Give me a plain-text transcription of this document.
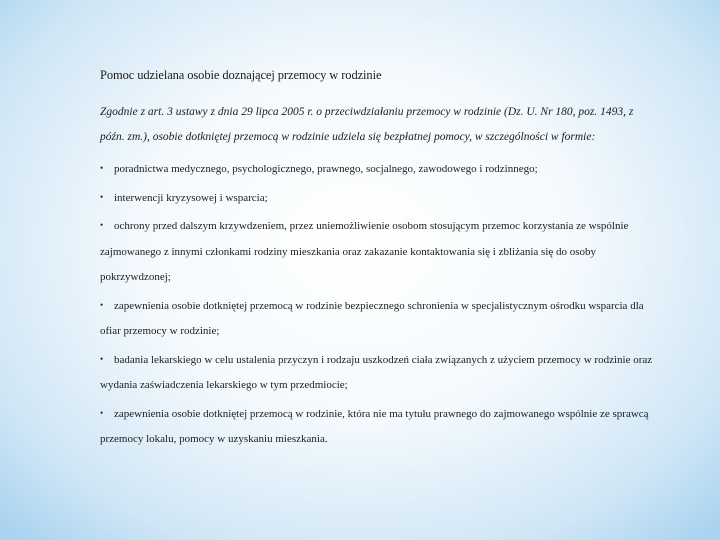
Pomoc udzielana osobie doznającej przemocy w rodzinie
Zgodnie z art. 3 ustawy z dnia 29 lipca 2005 r. o przeciwdziałaniu przemocy w rodzinie (Dz. U. Nr 180, poz. 1493, z późn. zm.), osobie dotkniętej przemocą w rodzinie udziela się bezpłatnej pomocy, w szczególności w formie:
• poradnictwa medycznego, psychologicznego, prawnego, socjalnego, zawodowego i rodzinnego;
• interwencji kryzysowej i wsparcia;
• ochrony przed dalszym krzywdzeniem, przez uniemożliwienie osobom stosującym przemoc korzystania ze wspólnie zajmowanego z innymi członkami rodziny mieszkania oraz zakazanie kontaktowania się i zbliżania się do osoby pokrzywdzonej;
• zapewnienia osobie dotkniętej przemocą w rodzinie bezpiecznego schronienia w specjalistycznym ośrodku wsparcia dla ofiar przemocy w rodzinie;
• badania lekarskiego w celu ustalenia przyczyn i rodzaju uszkodzeń ciała związanych z użyciem przemocy w rodzinie oraz wydania zaświadczenia lekarskiego w tym przedmiocie;
• zapewnienia osobie dotkniętej przemocą w rodzinie, która nie ma tytułu prawnego do zajmowanego wspólnie ze sprawcą przemocy lokalu, pomocy w uzyskaniu mieszkania.
